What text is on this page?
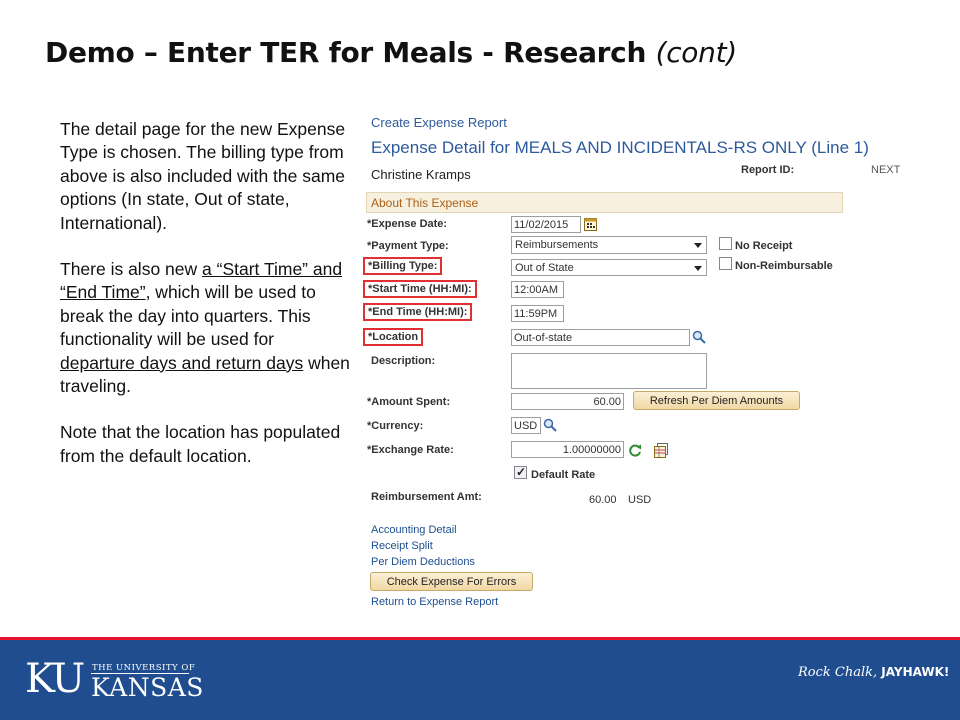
Demo – Enter TER for Meals - Research (cont)

The detail page for the new Expense Type is chosen. The billing type from above is also included with the same options (In state, Out of state, International).

There is also new a “Start Time” and “End Time”, which will be used to break the day into quarters. This functionality will be used for departure days and return days when traveling.

Note that the location has populated from the default location.

Create Expense Report
Expense Detail for MEALS AND INCIDENTALS-RS ONLY (Line 1)
Christine Kramps	Report ID:	NEXT
About This Expense
*Expense Date:	11/02/2015
*Payment Type:	Reimbursements	No Receipt
*Billing Type:	Out of State	Non-Reimbursable
*Start Time (HH:MI):	12:00AM
*End Time (HH:MI):	11:59PM
*Location	Out-of-state
Description:
*Amount Spent:	60.00	Refresh Per Diem Amounts
*Currency:	USD
*Exchange Rate:	1.00000000
✓
Default Rate
Reimbursement Amt:	60.00 USD
Accounting Detail
Receipt Split
Per Diem Deductions
Check Expense For Errors
Return to Expense Report
KU THE UNIVERSITY OF
KANSAS
Rock Chalk, JAYHAWK!
